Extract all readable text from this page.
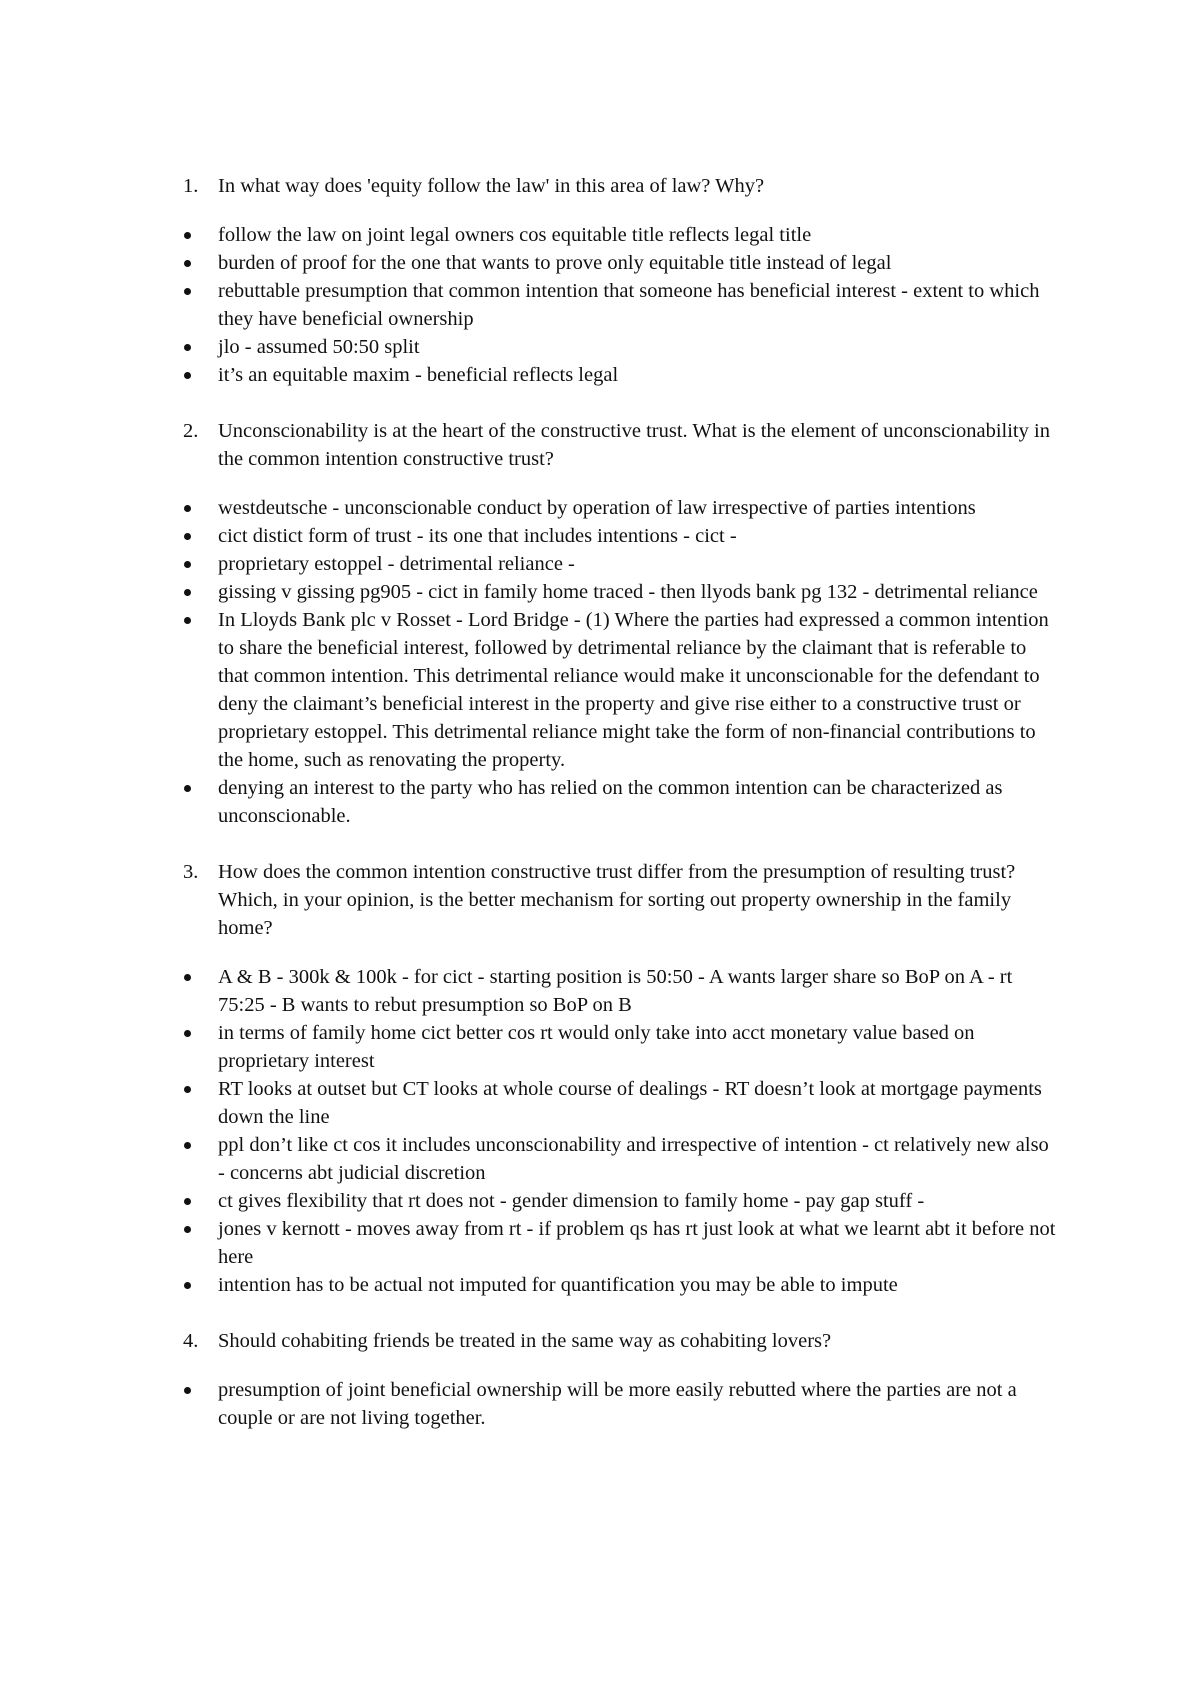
1. In what way does 'equity follow the law' in this area of law? Why?

follow the law on joint legal owners cos equitable title reflects legal title
burden of proof for the one that wants to prove only equitable title instead of legal
rebuttable presumption that common intention that someone has beneficial interest - extent to which they have beneficial ownership
jlo - assumed 50:50 split
it’s an equitable maxim - beneficial reflects legal

2. Unconscionability is at the heart of the constructive trust. What is the element of unconscionability in the common intention constructive trust?

westdeutsche - unconscionable conduct by operation of law irrespective of parties intentions
cict distict form of trust - its one that includes intentions - cict -
proprietary estoppel - detrimental reliance -
gissing v gissing pg905 - cict in family home traced - then llyods bank pg 132 - detrimental reliance
In Lloyds Bank plc v Rosset - Lord Bridge - (1) Where the parties had expressed a common intention to share the beneficial interest, followed by detrimental reliance by the claimant that is referable to that common intention. This detrimental reliance would make it unconscionable for the defendant to deny the claimant’s beneficial interest in the property and give rise either to a constructive trust or proprietary estoppel. This detrimental reliance might take the form of non-financial contributions to the home, such as renovating the property.
denying an interest to the party who has relied on the common intention can be characterized as unconscionable.

3. How does the common intention constructive trust differ from the presumption of resulting trust? Which, in your opinion, is the better mechanism for sorting out property ownership in the family home?

A & B - 300k & 100k - for cict - starting position is 50:50 - A wants larger share so BoP on A - rt 75:25 - B wants to rebut presumption so BoP on B
in terms of family home cict better cos rt would only take into acct monetary value based on proprietary interest
RT looks at outset but CT looks at whole course of dealings - RT doesn’t look at mortgage payments down the line
ppl don’t like ct cos it includes unconscionability and irrespective of intention - ct relatively new also - concerns abt judicial discretion
ct gives flexibility that rt does not - gender dimension to family home - pay gap stuff -
jones v kernott - moves away from rt - if problem qs has rt just look at what we learnt abt it before not here
intention has to be actual not imputed for quantification you may be able to impute

4. Should cohabiting friends be treated in the same way as cohabiting lovers?

presumption of joint beneficial ownership will be more easily rebutted where the parties are not a couple or are not living together.
